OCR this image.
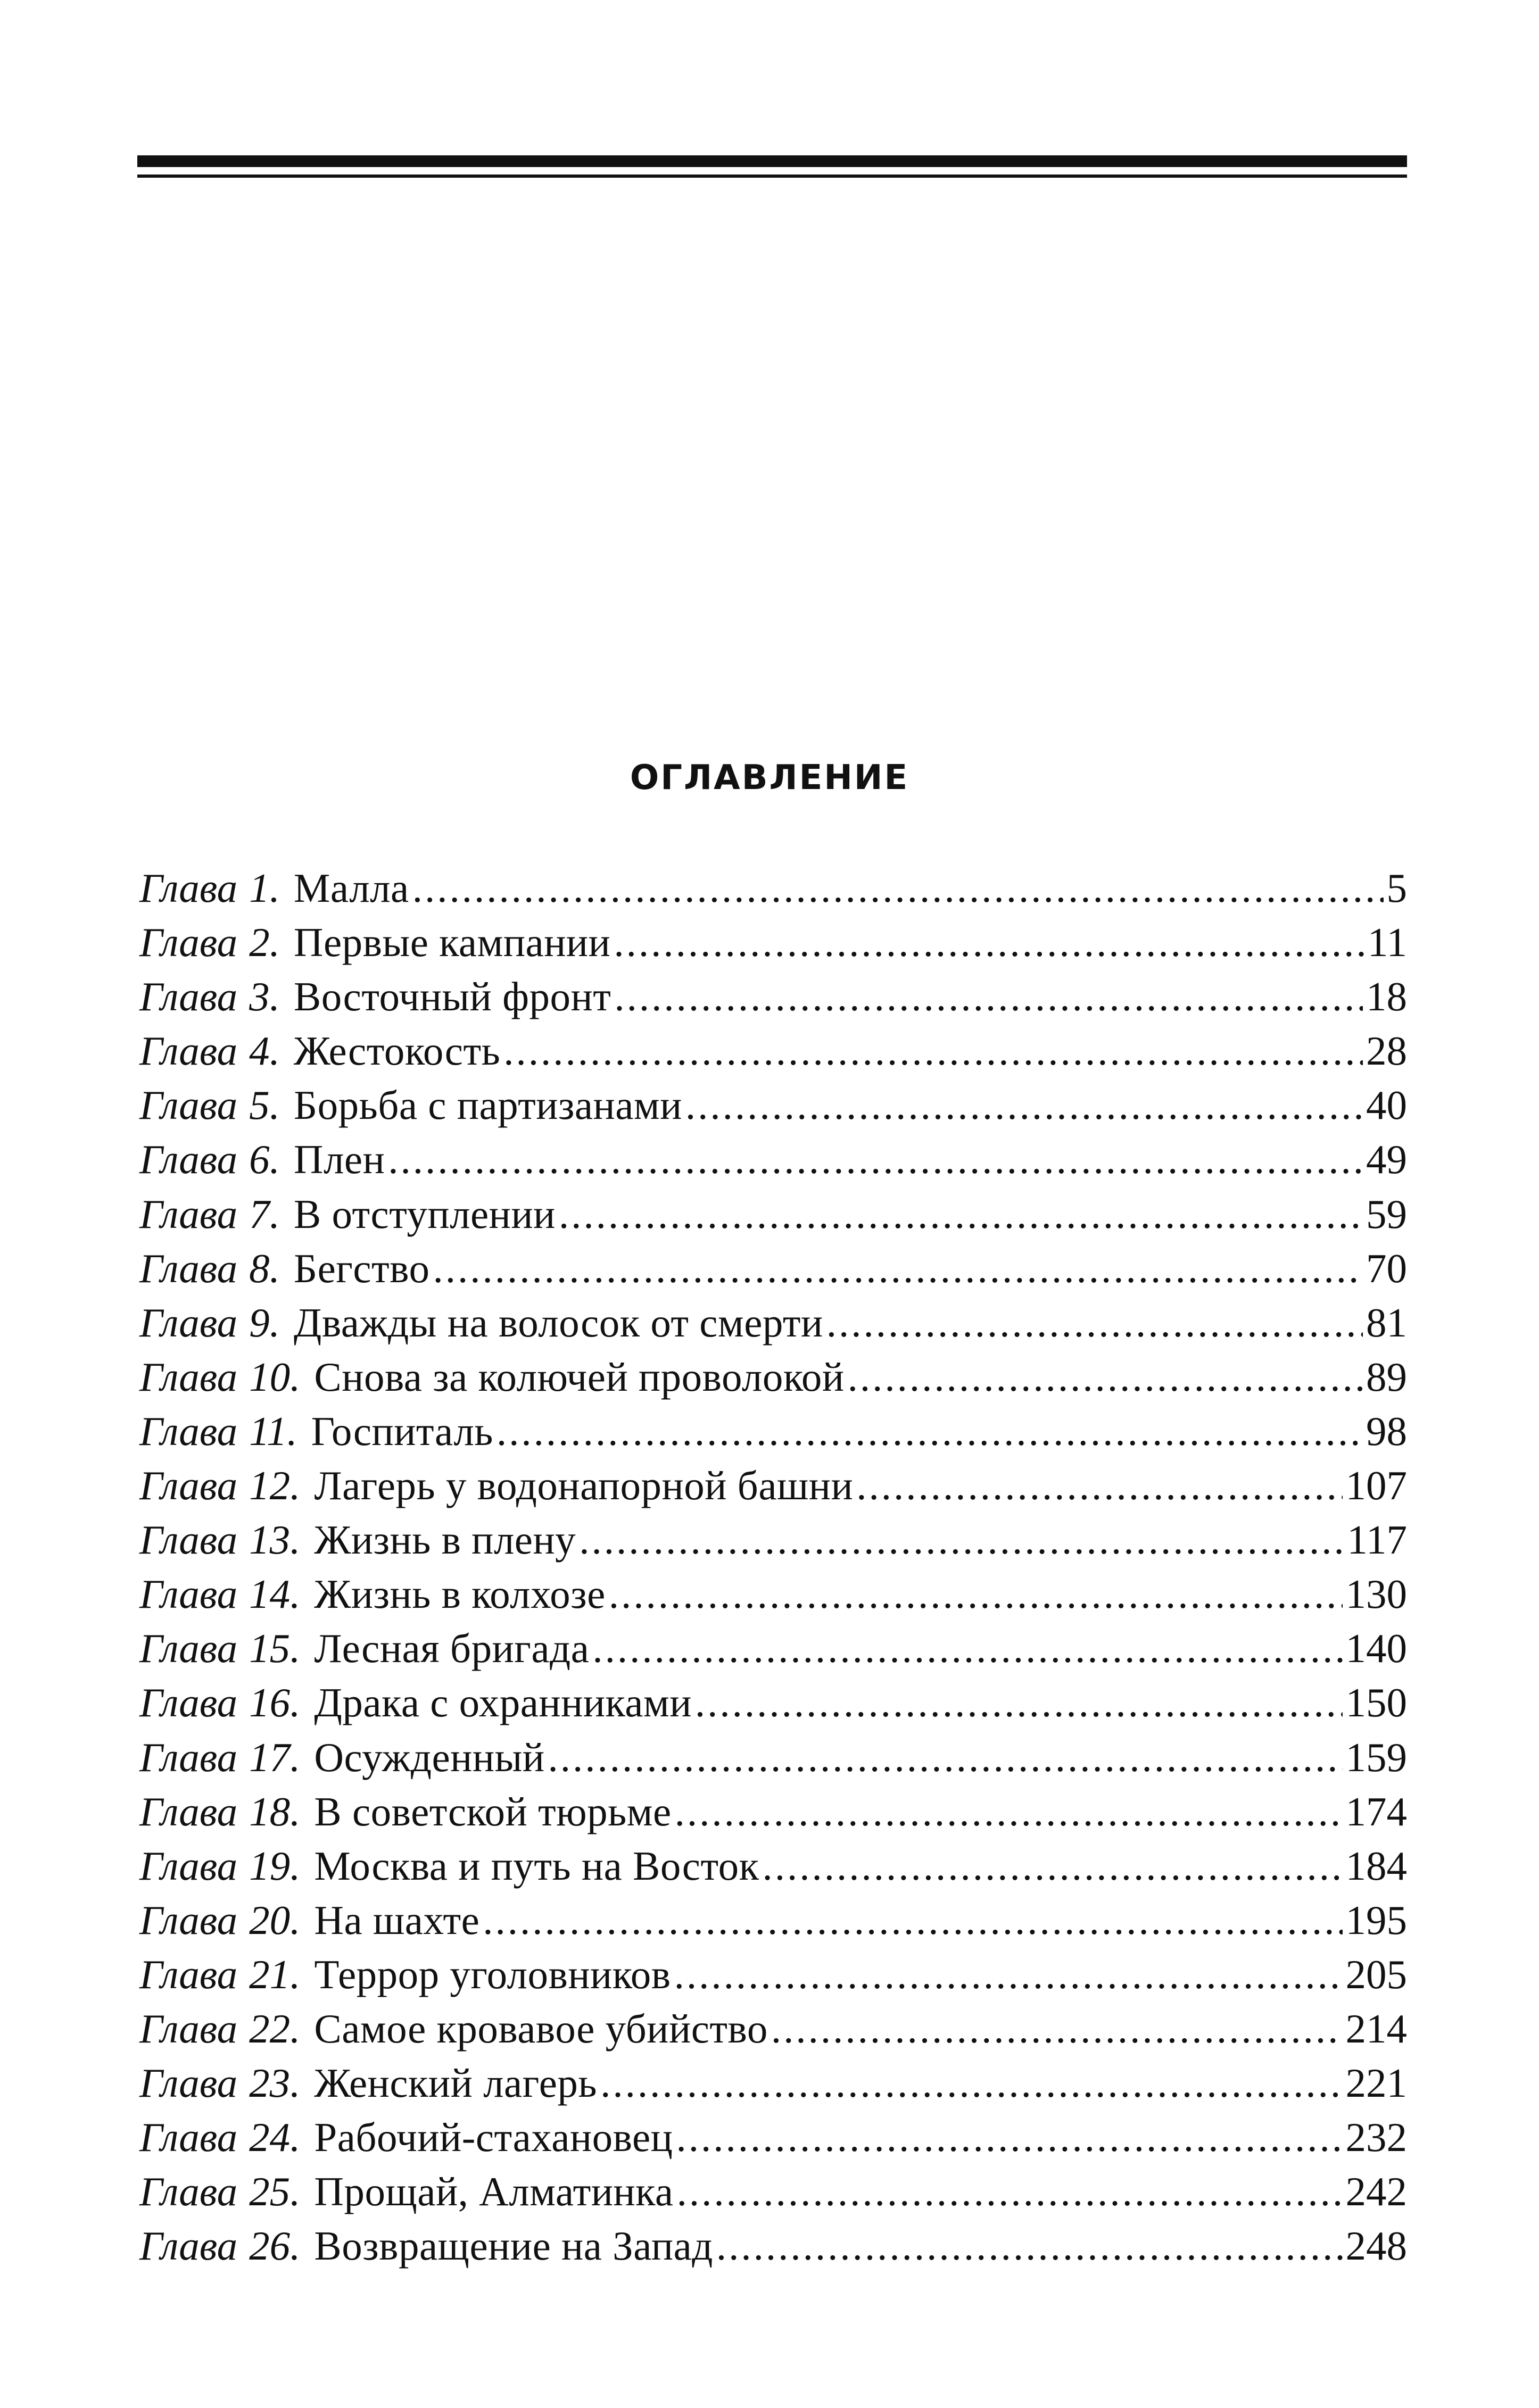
ОГЛАВЛЕНИЕ
Глава 1. Малла .....	5
Глава 2. Первые кампании .....	11
Глава 3. Восточный фронт .....	18
Глава 4. Жестокость .....	28
Глава 5. Борьба с партизанами .....	40
Глава 6. Плен .....	49
Глава 7. В отступлении .....	59
Глава 8. Бегство .....	70
Глава 9. Дважды на волосок от смерти .....	81
Глава 10. Снова за колючей проволокой .....	89
Глава 11. Госпиталь .....	98
Глава 12. Лагерь у водонапорной башни .....	107
Глава 13. Жизнь в плену .....	117
Глава 14. Жизнь в колхозе .....	130
Глава 15. Лесная бригада .....	140
Глава 16. Драка с охранниками .....	150
Глава 17. Осужденный .....	159
Глава 18. В советской тюрьме .....	174
Глава 19. Москва и путь на Восток .....	184
Глава 20. На шахте .....	195
Глава 21. Террор уголовников .....	205
Глава 22. Самое кровавое убийство .....	214
Глава 23. Женский лагерь .....	221
Глава 24. Рабочий-стахановец .....	232
Глава 25. Прощай, Алматинка .....	242
Глава 26. Возвращение на Запад .....	248
